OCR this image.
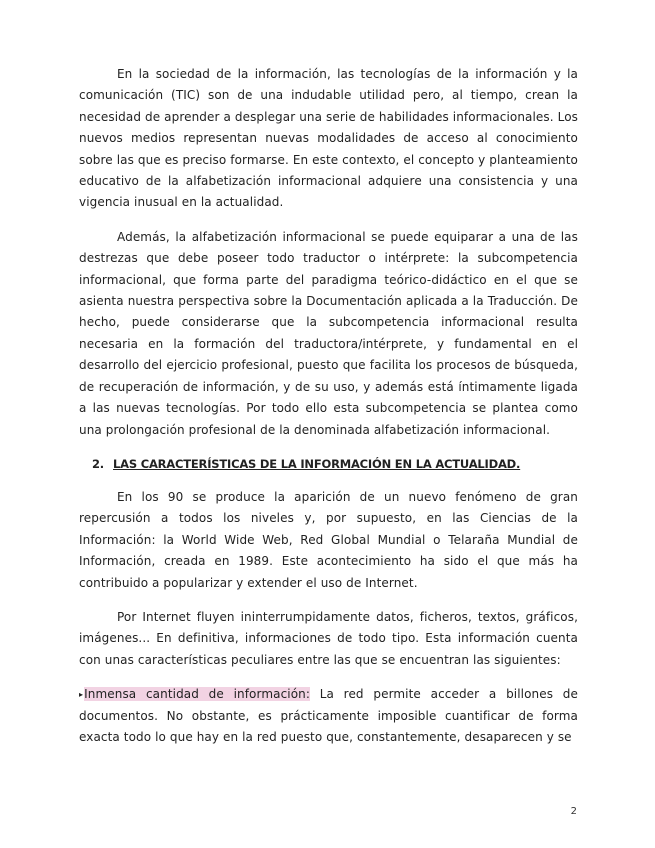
En la sociedad de la información, las tecnologías de la información y la comunicación (TIC) son de una indudable utilidad pero, al tiempo, crean la necesidad de aprender a desplegar una serie de habilidades informacionales. Los nuevos medios representan nuevas modalidades de acceso al conocimiento sobre las que es preciso formarse. En este contexto, el concepto y planteamiento educativo de la alfabetización informacional adquiere una consistencia y una vigencia inusual en la actualidad.

Además, la alfabetización informacional se puede equiparar a una de las destrezas que debe poseer todo traductor o intérprete: la subcompetencia informacional, que forma parte del paradigma teórico-didáctico en el que se asienta nuestra perspectiva sobre la Documentación aplicada a la Traducción. De hecho, puede considerarse que la subcompetencia informacional resulta necesaria en la formación del traductora/intérprete, y fundamental en el desarrollo del ejercicio profesional, puesto que facilita los procesos de búsqueda, de recuperación de información, y de su uso, y además está íntimamente ligada a las nuevas tecnologías. Por todo ello esta subcompetencia se plantea como una prolongación profesional de la denominada alfabetización informacional.

2. LAS CARACTERÍSTICAS DE LA INFORMACIÓN EN LA ACTUALIDAD.

En los 90 se produce la aparición de un nuevo fenómeno de gran repercusión a todos los niveles y, por supuesto, en las Ciencias de la Información: la World Wide Web, Red Global Mundial o Telaraña Mundial de Información, creada en 1989. Este acontecimiento ha sido el que más ha contribuido a popularizar y extender el uso de Internet.

Por Internet fluyen ininterrumpidamente datos, ficheros, textos, gráficos, imágenes... En definitiva, informaciones de todo tipo. Esta información cuenta con unas características peculiares entre las que se encuentran las siguientes:

▸Inmensa cantidad de información: La red permite acceder a billones de documentos. No obstante, es prácticamente imposible cuantificar de forma exacta todo lo que hay en la red puesto que, constantemente, desaparecen y se

2
